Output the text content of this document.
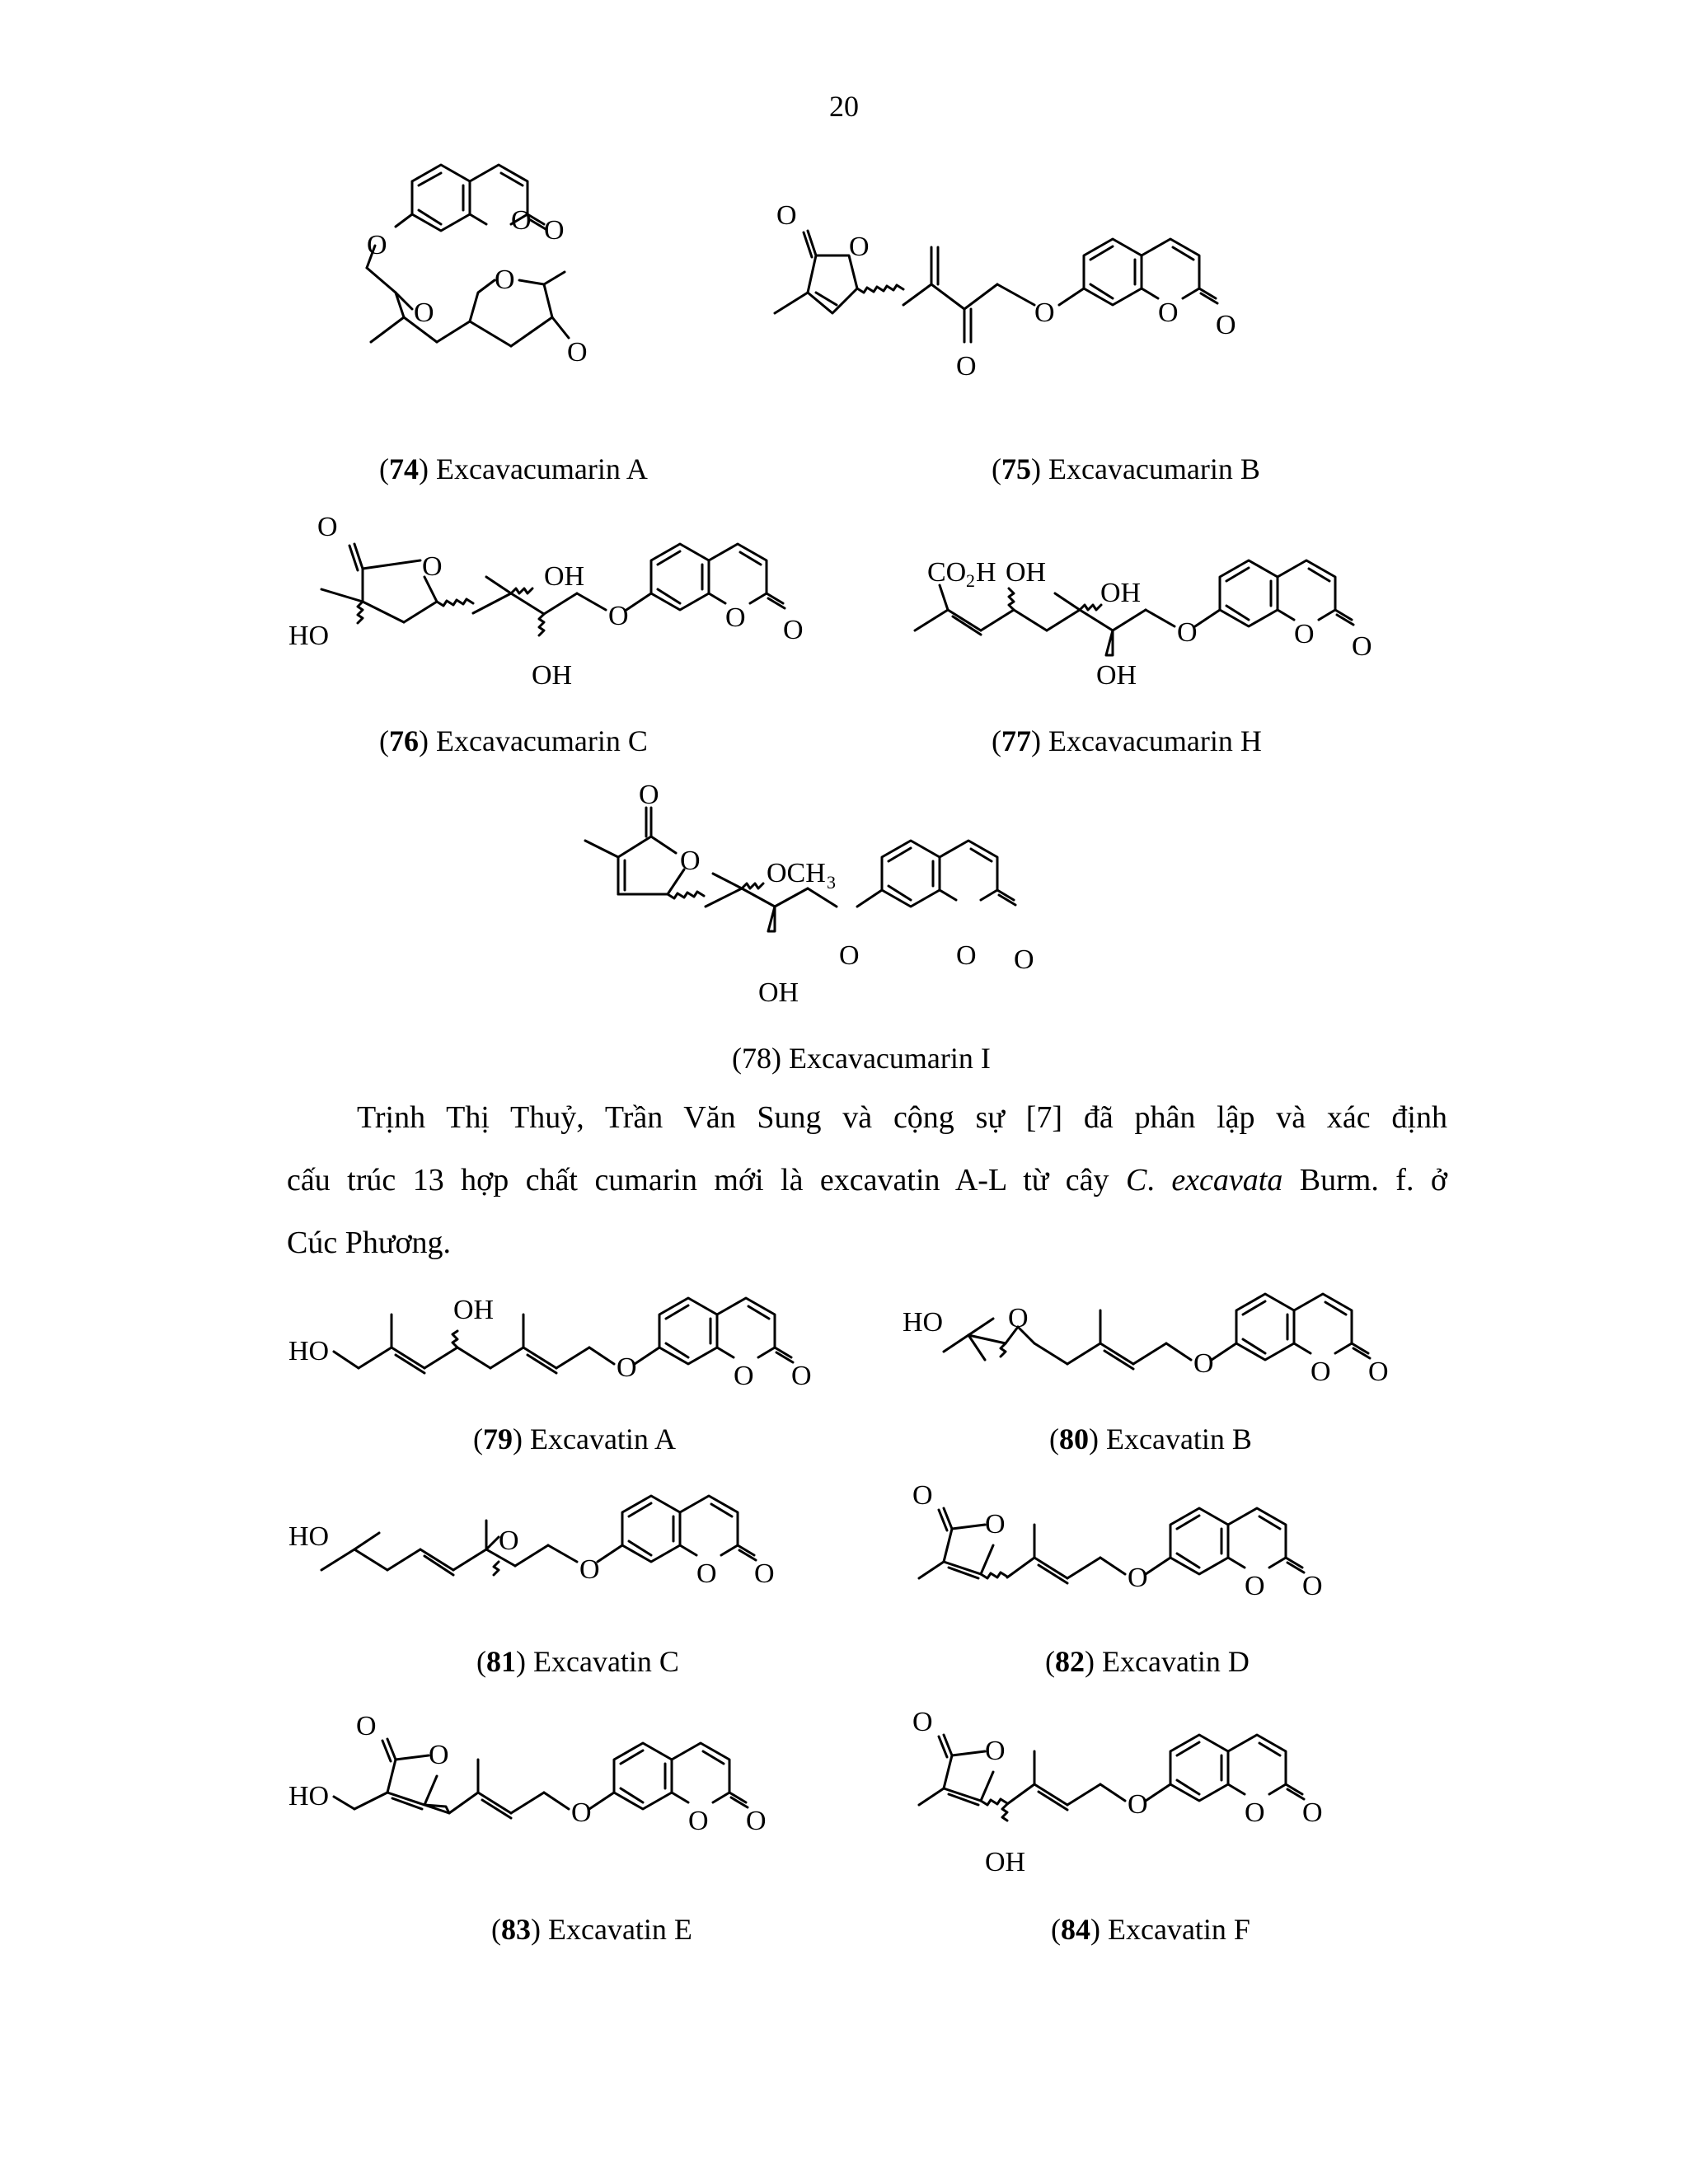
20
O O
O
O
O
O
(74) Excavacumarin A
O
O
O
O	O O
(75) Excavacumarin B
O
O
HO
OH
OH
O	O O
(76) Excavacumarin C
CO 2 H OH
OH
OH
O	O O
(77) Excavacumarin H
O
O OCH 3
OH
O	O O
(78) Excavacumarin I
Trịnh Thị Thuỷ, Trần Văn Sung và cộng sự [7] đã phân lập và xác định
cấu trúc 13 hợp chất cumarin mới là excavatin A-L từ cây C. excavata Burm. f. ở
Cúc Phương.
HO
OH
O	O O
(79) Excavatin A
HO O
O	O O
(80) Excavatin B
HO	O
O	O O
(81) Excavatin C
O
O
O	O O
(82) Excavatin D
O
O
HO
O	O O
(83) Excavatin E
O
O
OH
O	O O
(84) Excavatin F
